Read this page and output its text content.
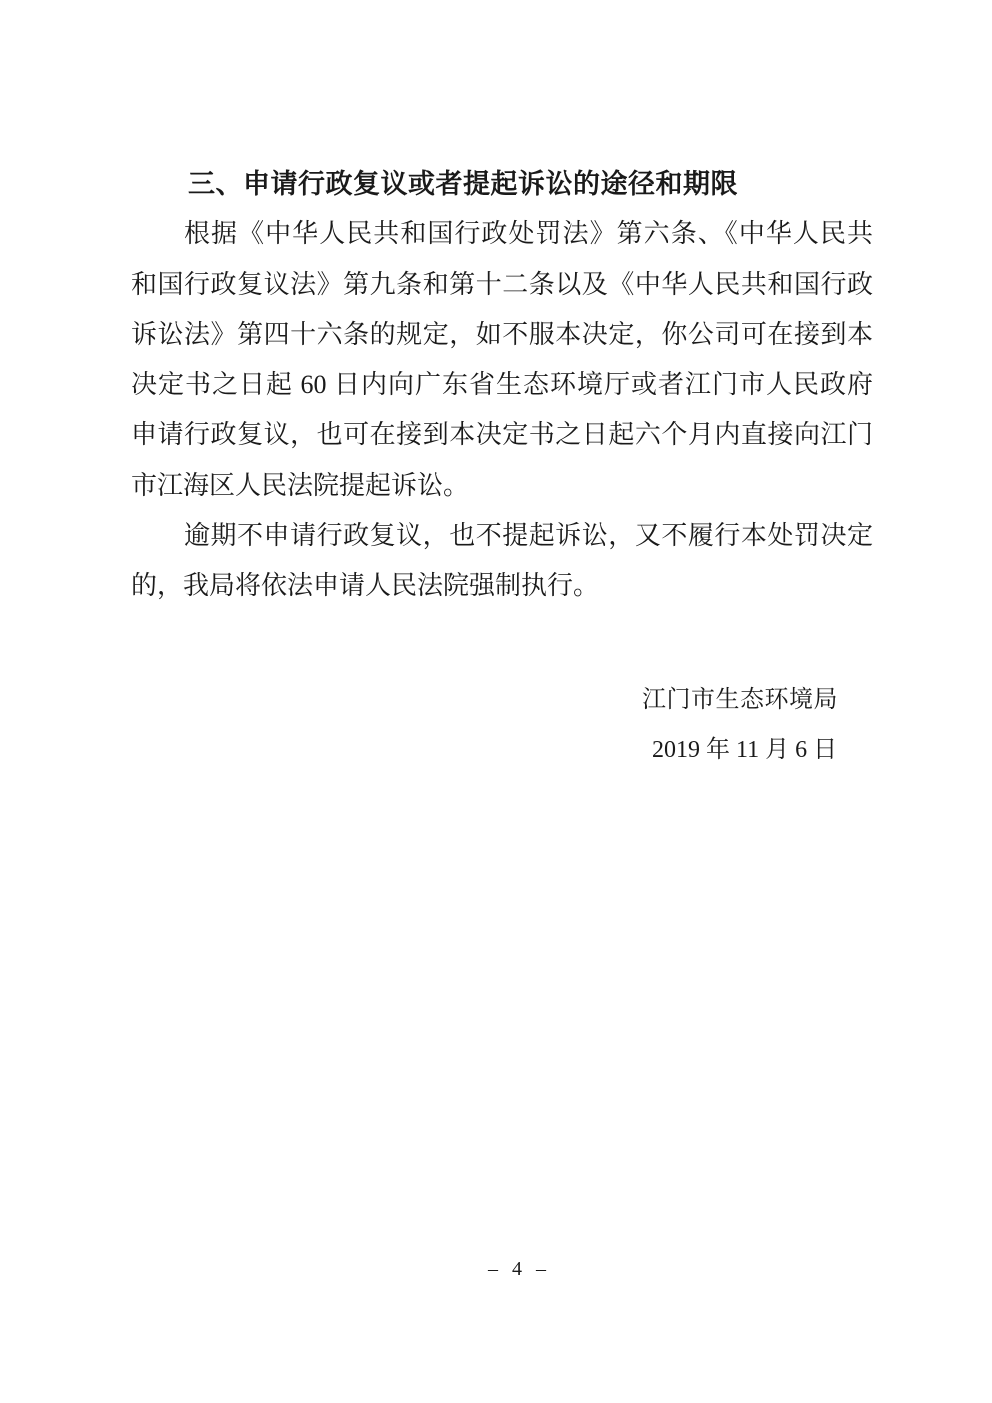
三、申请行政复议或者提起诉讼的途径和期限
根据《中华人民共和国行政处罚法》第六条、《中华人民共
和国行政复议法》第九条和第十二条以及《中华人民共和国行政
诉讼法》第四十六条的规定，如不服本决定，你公司可在接到本
决定书之日起 60 日内向广东省生态环境厅或者江门市人民政府
申请行政复议，也可在接到本决定书之日起六个月内直接向江门
市江海区人民法院提起诉讼。
逾期不申请行政复议，也不提起诉讼，又不履行本处罚决定
的，我局将依法申请人民法院强制执行。
江门市生态环境局
2019 年 11 月 6 日
– 4 –
